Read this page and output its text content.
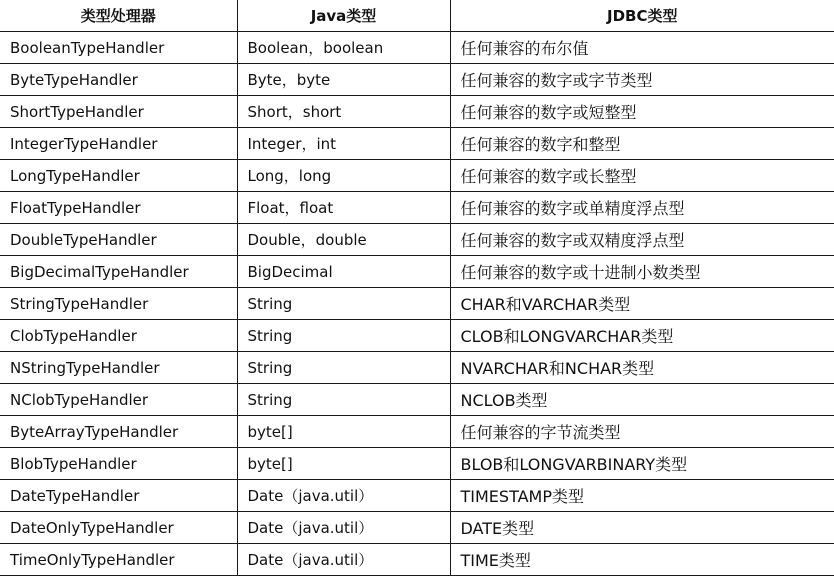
类型处理器	Java类型	JDBC类型
BooleanTypeHandler	Boolean，boolean	任何兼容的布尔值
ByteTypeHandler	Byte，byte	任何兼容的数字或字节类型
ShortTypeHandler	Short，short	任何兼容的数字或短整型
IntegerTypeHandler	Integer，int	任何兼容的数字和整型
LongTypeHandler	Long，long	任何兼容的数字或长整型
FloatTypeHandler	Float，float	任何兼容的数字或单精度浮点型
DoubleTypeHandler	Double，double	任何兼容的数字或双精度浮点型
BigDecimalTypeHandler	BigDecimal	任何兼容的数字或十进制小数类型
StringTypeHandler	String	CHAR和VARCHAR类型
ClobTypeHandler	String	CLOB和LONGVARCHAR类型
NStringTypeHandler	String	NVARCHAR和NCHAR类型
NClobTypeHandler	String	NCLOB类型
ByteArrayTypeHandler	byte[]	任何兼容的字节流类型
BlobTypeHandler	byte[]	BLOB和LONGVARBINARY类型
DateTypeHandler	Date（java.util）	TIMESTAMP类型
DateOnlyTypeHandler	Date（java.util）	DATE类型
TimeOnlyTypeHandler	Date（java.util）	TIME类型
